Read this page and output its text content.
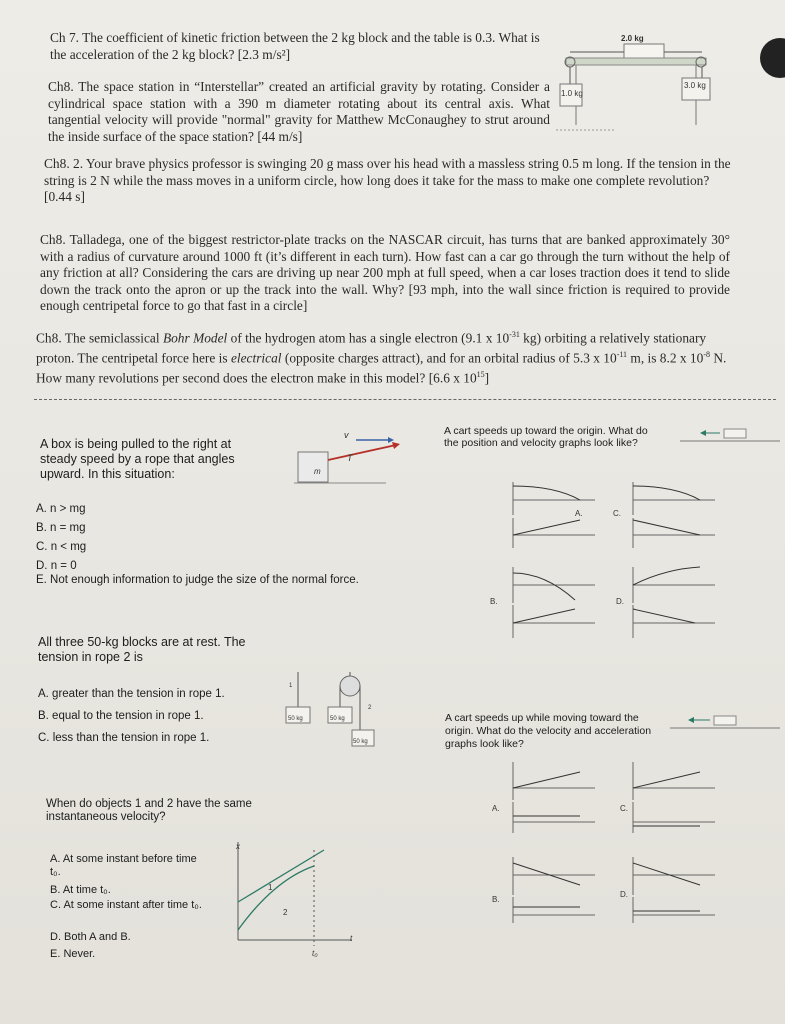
Ch 7. The coefficient of kinetic friction between the 2 kg block and the table is 0.3. What is the acceleration of the 2 kg block? [2.3 m/s²]
2.0 kg
1.0 kg
3.0 kg
Ch8. The space station in “Interstellar” created an artificial gravity by rotating. Consider a cylindrical space station with a 390 m diameter rotating about its central axis. What tangential velocity will provide "normal" gravity for Matthew McConaughey to strut around the inside surface of the space station? [44 m/s]
Ch8. 2. Your brave physics professor is swinging 20 g mass over his head with a massless string 0.5 m long. If the tension in the string is 2 N while the mass moves in a uniform circle, how long does it take for the mass to make one complete revolution? [0.44 s]
Ch8. Talladega, one of the biggest restrictor-plate tracks on the NASCAR circuit, has turns that are banked approximately 30° with a radius of curvature around 1000 ft (it’s different in each turn). How fast can a car go through the turn without the help of any friction at all? Considering the cars are driving up near 200 mph at full speed, when a car loses traction does it tend to slide down the track onto the apron or up the track into the wall. Why? [93 mph, into the wall since friction is required to provide enough centripetal force to go that fast in a circle]
Ch8. The semiclassical Bohr Model of the hydrogen atom has a single electron (9.1 x $10^{-31}$ kg) orbiting a relatively stationary proton. The centripetal force here is electrical (opposite charges attract), and for an orbital radius of 5.3 x $10^{-11}$ m, is 8.2 x $10^{-8}$ N. How many revolutions per second does the electron make in this model? [6.6 x $10^{15}$]
A box is being pulled to the right at steady speed by a rope that angles upward. In this situation:
v
T
m
A. n > mg
B. n = mg
C. n < mg
D. n = 0
E. Not enough information to judge the size of the normal force.
A cart speeds up toward the origin. What do the position and velocity graphs look like?
A.	C.
B.	D.
All three 50-kg blocks are at rest. The tension in rope 2 is
A. greater than the tension in rope 1.
B. equal to the tension in rope 1.
C. less than the tension in rope 1.
50 kg	50 kg
50 kg
1
2
A cart speeds up while moving toward the origin. What do the velocity and acceleration graphs look like?
A.	C.
B.
D.
When do objects 1 and 2 have the same instantaneous velocity?
A. At some instant before time t₀.
B. At time t₀.
C. At some instant after time t₀.
D. Both A and B.
E. Never.
x
1
2
t₀
t
